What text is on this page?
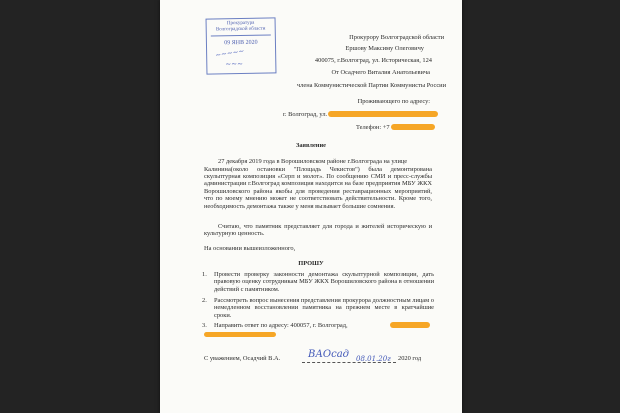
Прокуратура
Волгоградской области
09 ЯНВ 2020
~~~~~
~~~
Прокурору Волгоградской области
Ершову Максиму Олеговичу
400075, г.Волгоград, ул. Историческая, 124
От Осадчего Виталия Анатольевича
члена Коммунистической Партии Коммунисты России
Проживающего по адресу:
г. Волгоград, ул.
Телефон: +7
Заявление
27 декабря 2019 года в Ворошиловском районе г.Волгограда на улице
Калинина(около остановки "Площадь Чекистов") была демонтирована скульптурная композиция «Серп и молот». По сообщению СМИ и пресс-службы администрации г.Волгоград композиция находится на базе предприятия МБУ ЖКХ Ворошиловского района якобы для проведения реставрационных мероприятий, что по моему мнению может не соответствовать действительности. Кроме того, необходимость демонтажа также у меня вызывает большие сомнения.
Считаю, что памятник представляет для города и жителей историческую и культурную ценность.
На основании вышеизложенного,
ПРОШУ
1. Провести проверку законности демонтажа скульптурной композиции, дать правовую оценку сотрудникам МБУ ЖКХ Ворошиловского района в отношении действий с памятником.
2. Рассмотреть вопрос вынесения представления прокурора должностным лицам о немедленном восстановлении памятника на прежнем месте в кратчайшие сроки.
3. Направить ответ по адресу: 400057, г. Волгоград,
С уважением, Осадчий В.А.	ВАОсад 08.01.20г 2020 год
